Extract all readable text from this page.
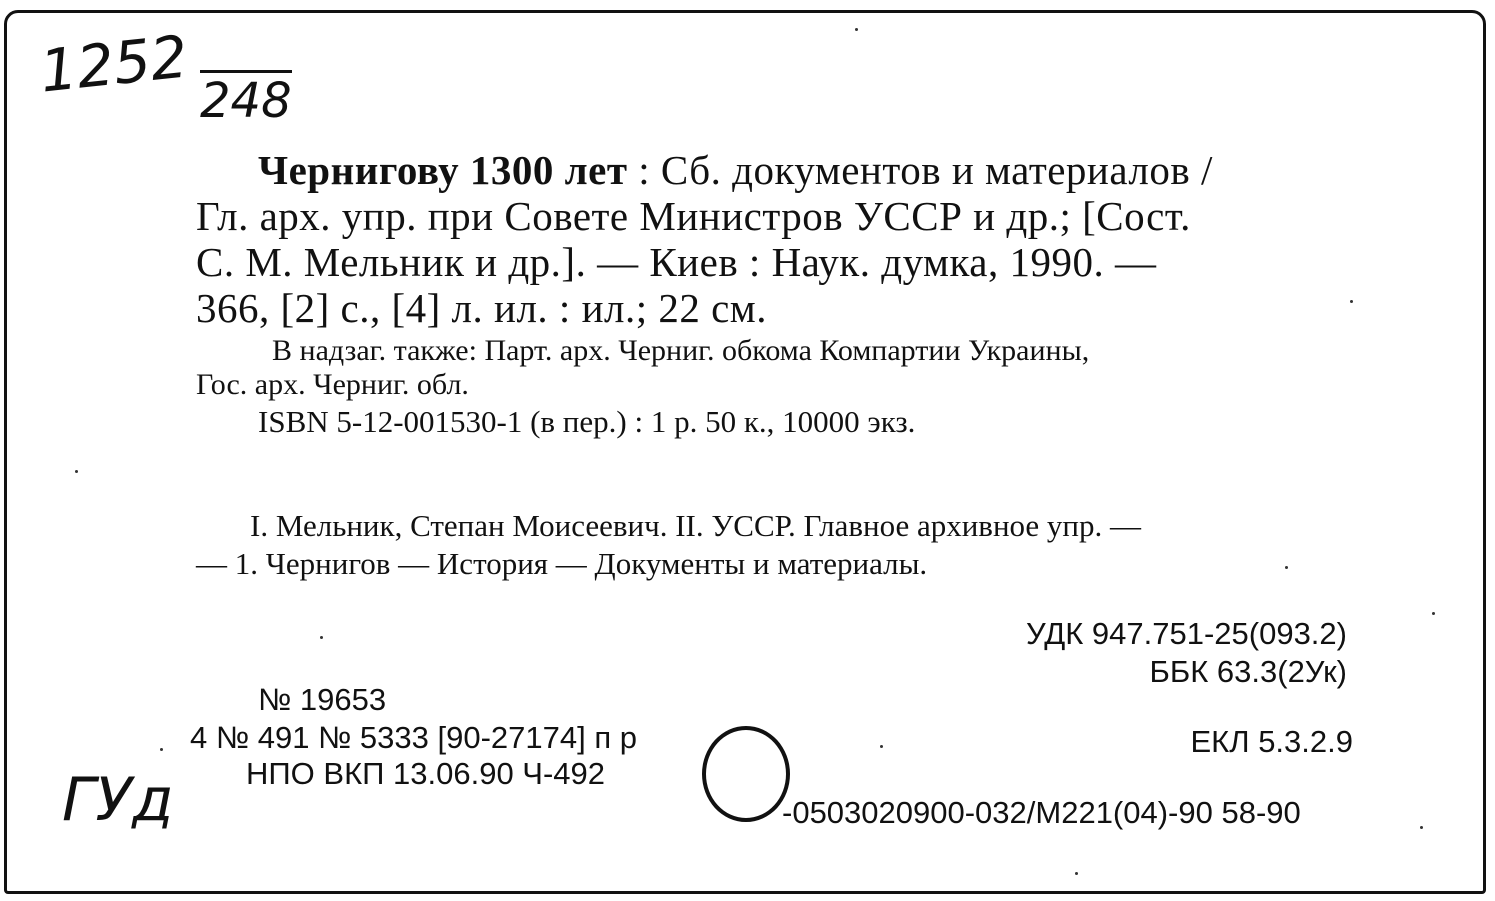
1252 248
ГУд
Чернигову 1300 лет : Сб. документов и материалов /
Гл. арх. упр. при Совете Министров УССР и др.; [Сост.
С. М. Мельник и др.]. — Киев : Наук. думка, 1990. —
366, [2] с., [4] л. ил. : ил.; 22 см.
В надзаг. также: Парт. арх. Черниг. обкома Компартии Украины,
Гос. арх. Черниг. обл.
ISBN 5-12-001530-1 (в пер.) : 1 р. 50 к., 10000 экз.
I. Мельник, Степан Моисеевич. II. УССР. Главное архивное упр. —
— 1. Чернигов — История — Документы и материалы.
УДК 947.751-25(093.2)
ББК 63.3(2Ук)
ЕКЛ 5.3.2.9
-0503020900-032/М221(04)-90 58-90
№ 19653
4 № 491 № 5333 [90-27174] п р
НПО ВКП 13.06.90 Ч-492
